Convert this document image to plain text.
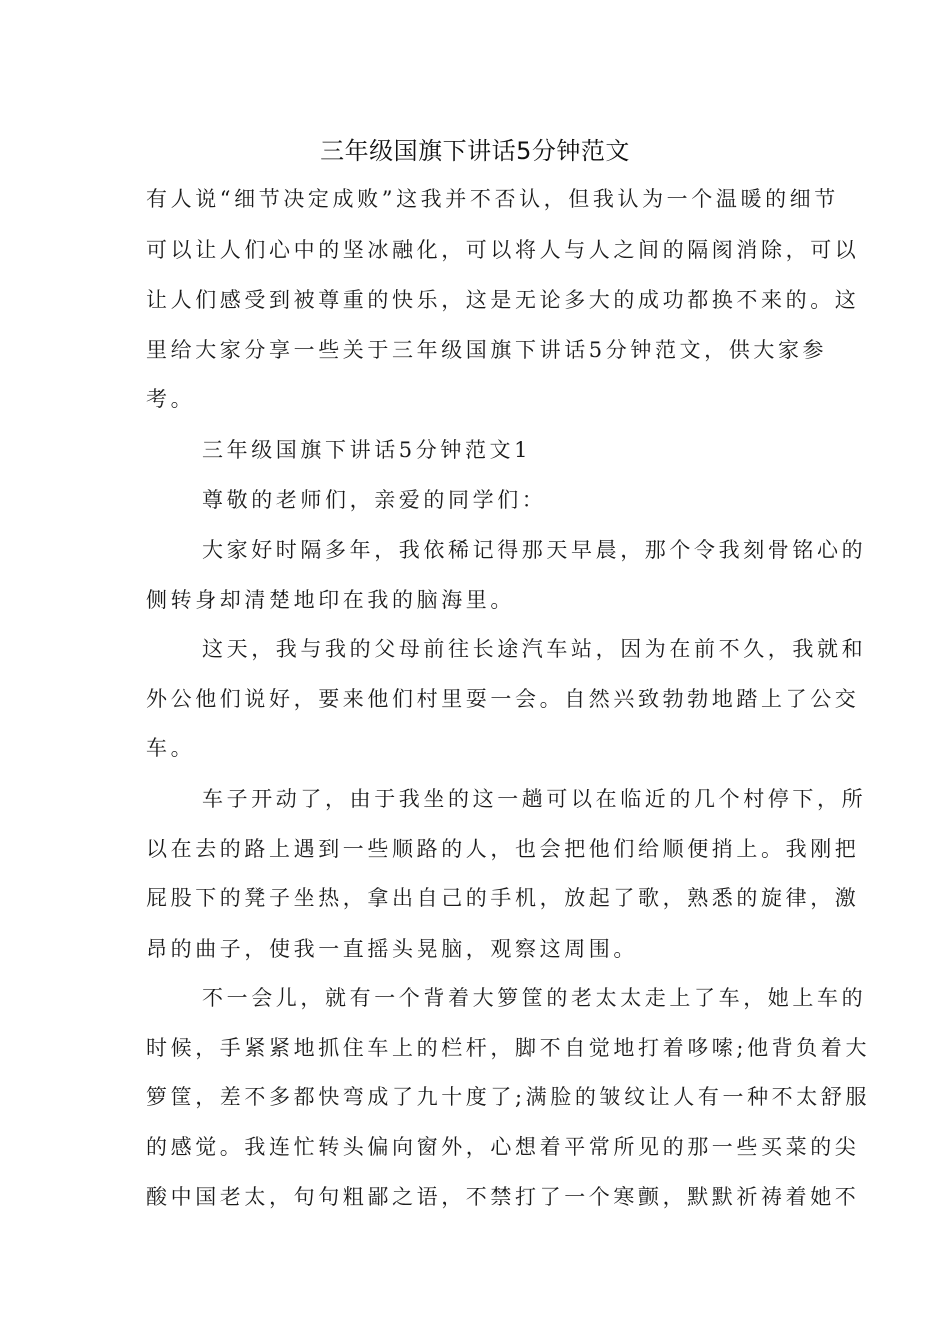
三年级国旗下讲话5分钟范文
有人说“细节决定成败”这我并不否认，但我认为一个温暖的细节
可以让人们心中的坚冰融化，可以将人与人之间的隔阂消除，可以
让人们感受到被尊重的快乐，这是无论多大的成功都换不来的。这
里给大家分享一些关于三年级国旗下讲话5分钟范文，供大家参
考。
三年级国旗下讲话5分钟范文1
尊敬的老师们，亲爱的同学们：
大家好时隔多年，我依稀记得那天早晨，那个令我刻骨铭心的
侧转身却清楚地印在我的脑海里。
这天，我与我的父母前往长途汽车站，因为在前不久，我就和
外公他们说好，要来他们村里耍一会。自然兴致勃勃地踏上了公交
车。
车子开动了，由于我坐的这一趟可以在临近的几个村停下，所
以在去的路上遇到一些顺路的人，也会把他们给顺便捎上。我刚把
屁股下的凳子坐热，拿出自己的手机，放起了歌，熟悉的旋律，激
昂的曲子，使我一直摇头晃脑，观察这周围。
不一会儿，就有一个背着大箩筐的老太太走上了车，她上车的
时候，手紧紧地抓住车上的栏杆，脚不自觉地打着哆嗦;他背负着大
箩筐，差不多都快弯成了九十度了;满脸的皱纹让人有一种不太舒服
的感觉。我连忙转头偏向窗外，心想着平常所见的那一些买菜的尖
酸中国老太，句句粗鄙之语，不禁打了一个寒颤，默默祈祷着她不
